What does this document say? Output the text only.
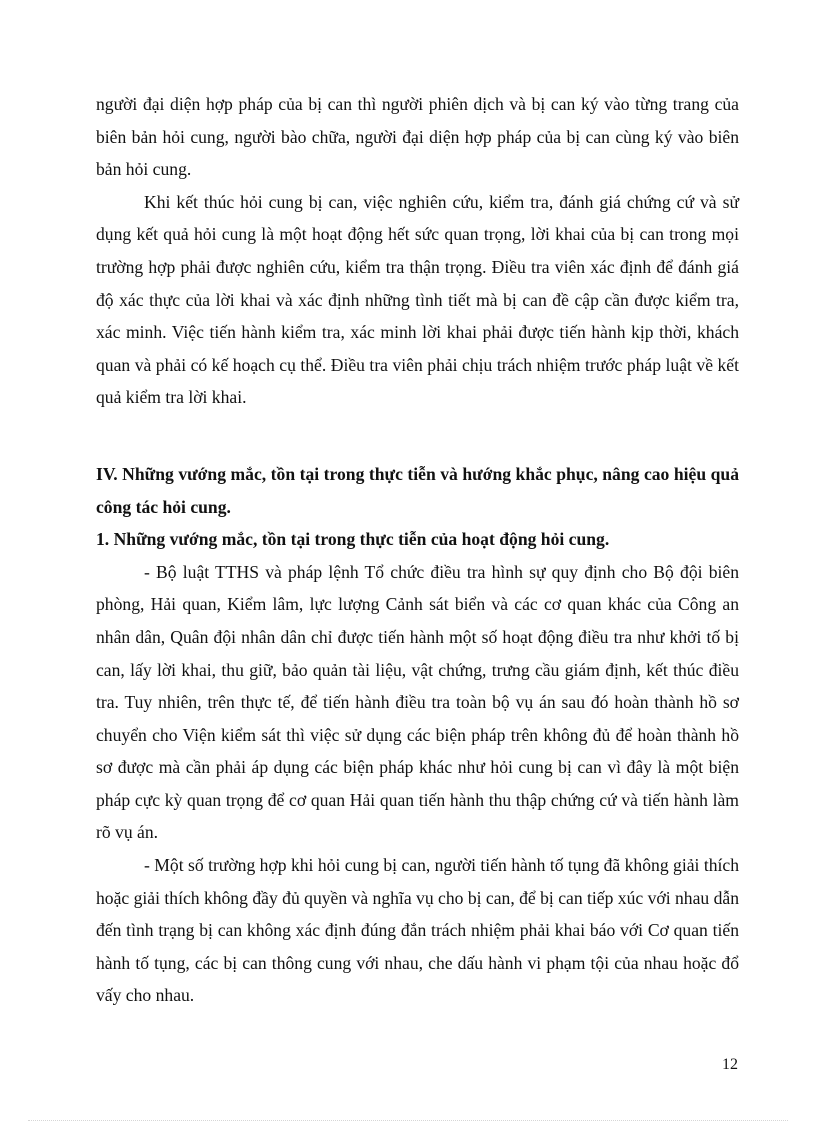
người đại diện hợp pháp của bị can thì người phiên dịch và bị can ký vào từng trang của biên bản hỏi cung, người bào chữa, người đại diện hợp pháp của bị can cùng ký vào biên bản hỏi cung.

Khi kết thúc hỏi cung bị can, việc nghiên cứu, kiểm tra, đánh giá chứng cứ và sử dụng kết quả hỏi cung là một hoạt động hết sức quan trọng, lời khai của bị can trong mọi trường hợp phải được nghiên cứu, kiểm tra thận trọng. Điều tra viên xác định để đánh giá độ xác thực của lời khai và xác định những tình tiết mà bị can đề cập cần được kiểm tra, xác minh. Việc tiến hành kiểm tra, xác minh lời khai phải được tiến hành kịp thời, khách quan và phải có kế hoạch cụ thể. Điều tra viên phải chịu trách nhiệm trước pháp luật về kết quả kiểm tra lời khai.

IV. Những vướng mắc, tồn tại trong thực tiễn và hướng khắc phục, nâng cao hiệu quả công tác hỏi cung.

1. Những vướng mắc, tồn tại trong thực tiễn của hoạt động hỏi cung.

- Bộ luật TTHS và pháp lệnh Tổ chức điều tra hình sự quy định cho Bộ đội biên phòng, Hải quan, Kiểm lâm, lực lượng Cảnh sát biển và các cơ quan khác của Công an nhân dân, Quân đội nhân dân chỉ được tiến hành một số hoạt động điều tra như khởi tố bị can, lấy lời khai, thu giữ, bảo quản tài liệu, vật chứng, trưng cầu giám định, kết thúc điều tra. Tuy nhiên, trên thực tế, để tiến hành điều tra toàn bộ vụ án sau đó hoàn thành hồ sơ chuyển cho Viện kiểm sát thì việc sử dụng các biện pháp trên không đủ để hoàn thành hồ sơ được mà cần phải áp dụng các biện pháp khác như hỏi cung bị can vì đây là một biện pháp cực kỳ quan trọng để cơ quan Hải quan tiến hành thu thập chứng cứ và tiến hành làm rõ vụ án.

- Một số trường hợp khi hỏi cung bị can, người tiến hành tố tụng đã không giải thích hoặc giải thích không đầy đủ quyền và nghĩa vụ cho bị can, để bị can tiếp xúc với nhau dẫn đến tình trạng bị can không xác định đúng đắn trách nhiệm phải khai báo với Cơ quan tiến hành tố tụng, các bị can thông cung với nhau, che dấu hành vi phạm tội của nhau hoặc đổ vấy cho nhau.

12
